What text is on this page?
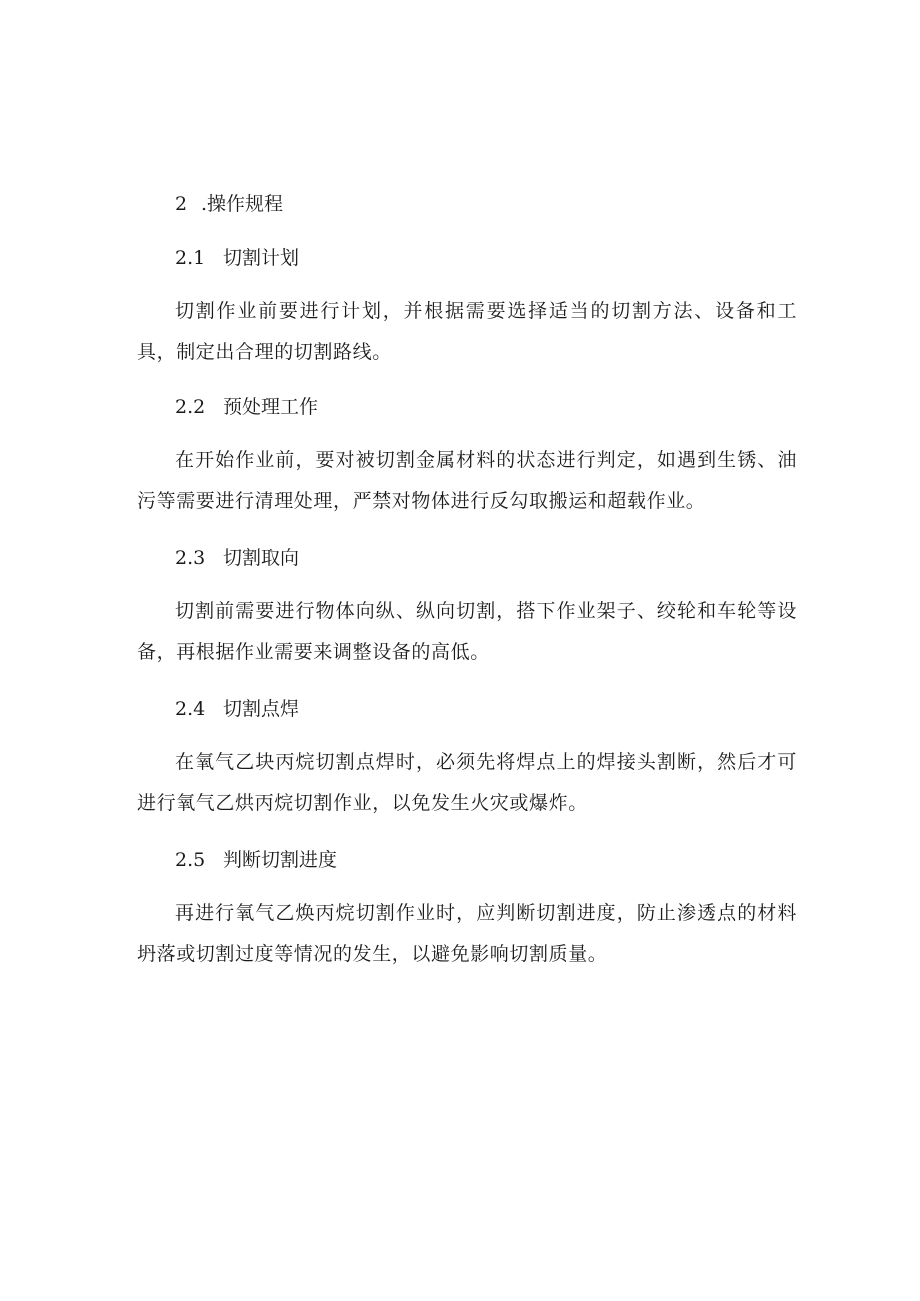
2 .操作规程
2.1 切割计划

切割作业前要进行计划，并根据需要选择适当的切割方法、设备和工具，制定出合理的切割路线。

2.2 预处理工作

在开始作业前，要对被切割金属材料的状态进行判定，如遇到生锈、油污等需要进行清理处理，严禁对物体进行反勾取搬运和超载作业。

2.3 切割取向

切割前需要进行物体向纵、纵向切割，搭下作业架子、绞轮和车轮等设备，再根据作业需要来调整设备的高低。

2.4 切割点焊

在氧气乙块丙烷切割点焊时，必须先将焊点上的焊接头割断，然后才可进行氧气乙烘丙烷切割作业，以免发生火灾或爆炸。

2.5 判断切割进度

再进行氧气乙焕丙烷切割作业时，应判断切割进度，防止渗透点的材料坍落或切割过度等情况的发生，以避免影响切割质量。
